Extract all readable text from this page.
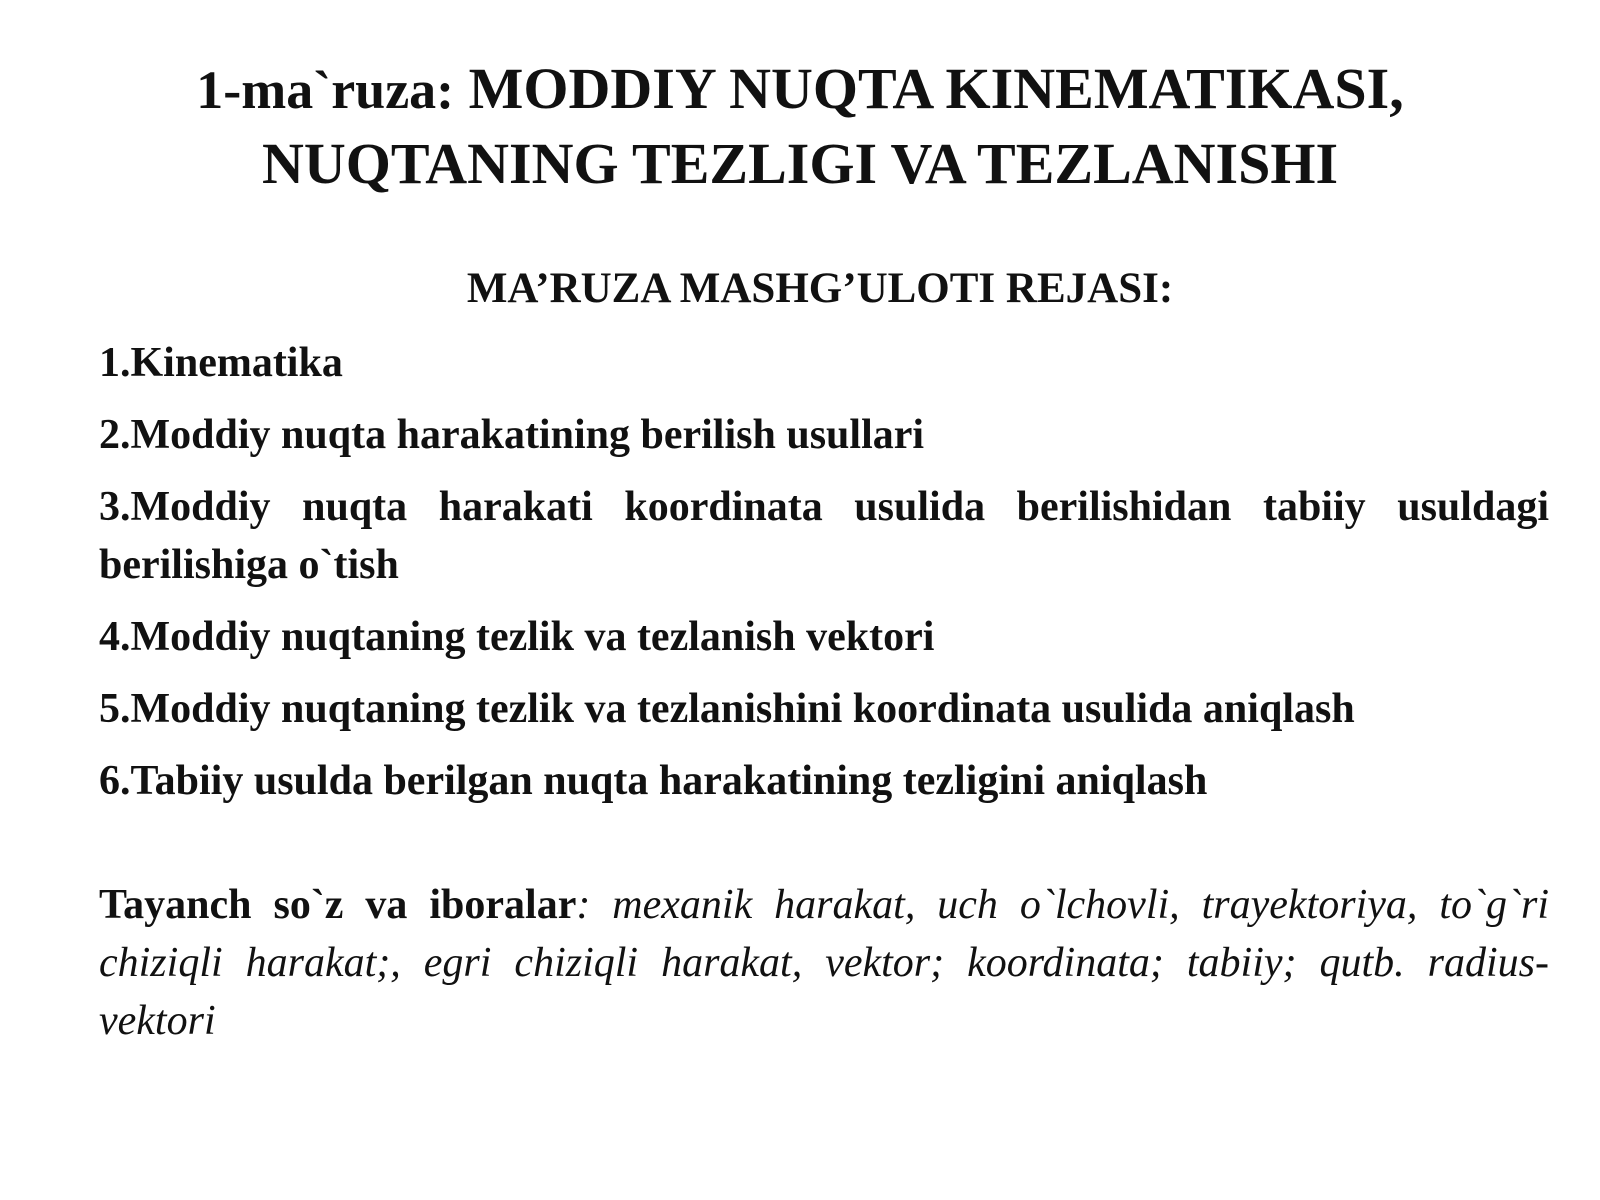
1-ma`ruza: MODDIY NUQTA KINEMATIKASI, NUQTANING TEZLIGI VA TEZLANISHI
MA’RUZA MASHG’ULOTI REJASI:
1.Kinematika
2.Moddiy nuqta harakatining berilish usullari
3.Moddiy nuqta harakati koordinata usulida berilishidan tabiiy usuldagi berilishiga o`tish
4.Moddiy nuqtaning tezlik va tezlanish vektori
5.Moddiy nuqtaning tezlik va tezlanishini koordinata usulida aniqlash
6.Tabiiy usulda berilgan nuqta harakatining tezligini aniqlash

Tayanch so`z va iboralar: mexanik harakat, uch o`lchovli, trayektoriya, to`g`ri chiziqli harakat;, egri chiziqli harakat, vektor; koordinata; tabiiy; qutb. radius-vektori
